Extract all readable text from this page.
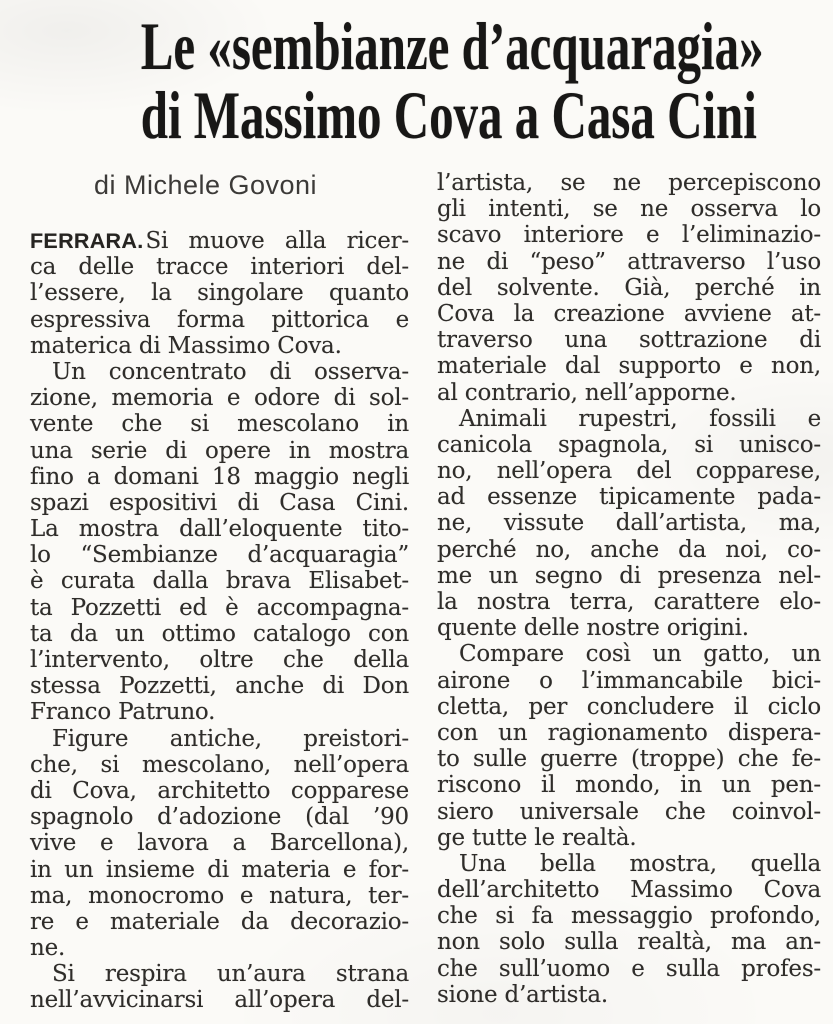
Le «sembianze d’acquaragia»
di Massimo Cova a Casa Cini
di Michele Govoni
FERRARA.Si muove alla ricer-
ca delle tracce interiori del-
l’essere, la singolare quanto
espressiva forma pittorica e
materica di Massimo Cova.
Un concentrato di osserva-
zione, memoria e odore di sol-
vente che si mescolano in
una serie di opere in mostra
fino a domani 18 maggio negli
spazi espositivi di Casa Cini.
La mostra dall’eloquente tito-
lo “Sembianze d’acquaragia”
è curata dalla brava Elisabet-
ta Pozzetti ed è accompagna-
ta da un ottimo catalogo con
l’intervento, oltre che della
stessa Pozzetti, anche di Don
Franco Patruno.
Figure antiche, preistori-
che, si mescolano, nell’opera
di Cova, architetto copparese
spagnolo d’adozione (dal ’90
vive e lavora a Barcellona),
in un insieme di materia e for-
ma, monocromo e natura, ter-
re e materiale da decorazio-
ne.
Si respira un’aura strana
nell’avvicinarsi all’opera del-
l’artista, se ne percepiscono
gli intenti, se ne osserva lo
scavo interiore e l’eliminazio-
ne di “peso” attraverso l’uso
del solvente. Già, perché in
Cova la creazione avviene at-
traverso una sottrazione di
materiale dal supporto e non,
al contrario, nell’apporne.
Animali rupestri, fossili e
canicola spagnola, si unisco-
no, nell’opera del copparese,
ad essenze tipicamente pada-
ne, vissute dall’artista, ma,
perché no, anche da noi, co-
me un segno di presenza nel-
la nostra terra, carattere elo-
quente delle nostre origini.
Compare così un gatto, un
airone o l’immancabile bici-
cletta, per concludere il ciclo
con un ragionamento dispera-
to sulle guerre (troppe) che fe-
riscono il mondo, in un pen-
siero universale che coinvol-
ge tutte le realtà.
Una bella mostra, quella
dell’architetto Massimo Cova
che si fa messaggio profondo,
non solo sulla realtà, ma an-
che sull’uomo e sulla profes-
sione d’artista.
